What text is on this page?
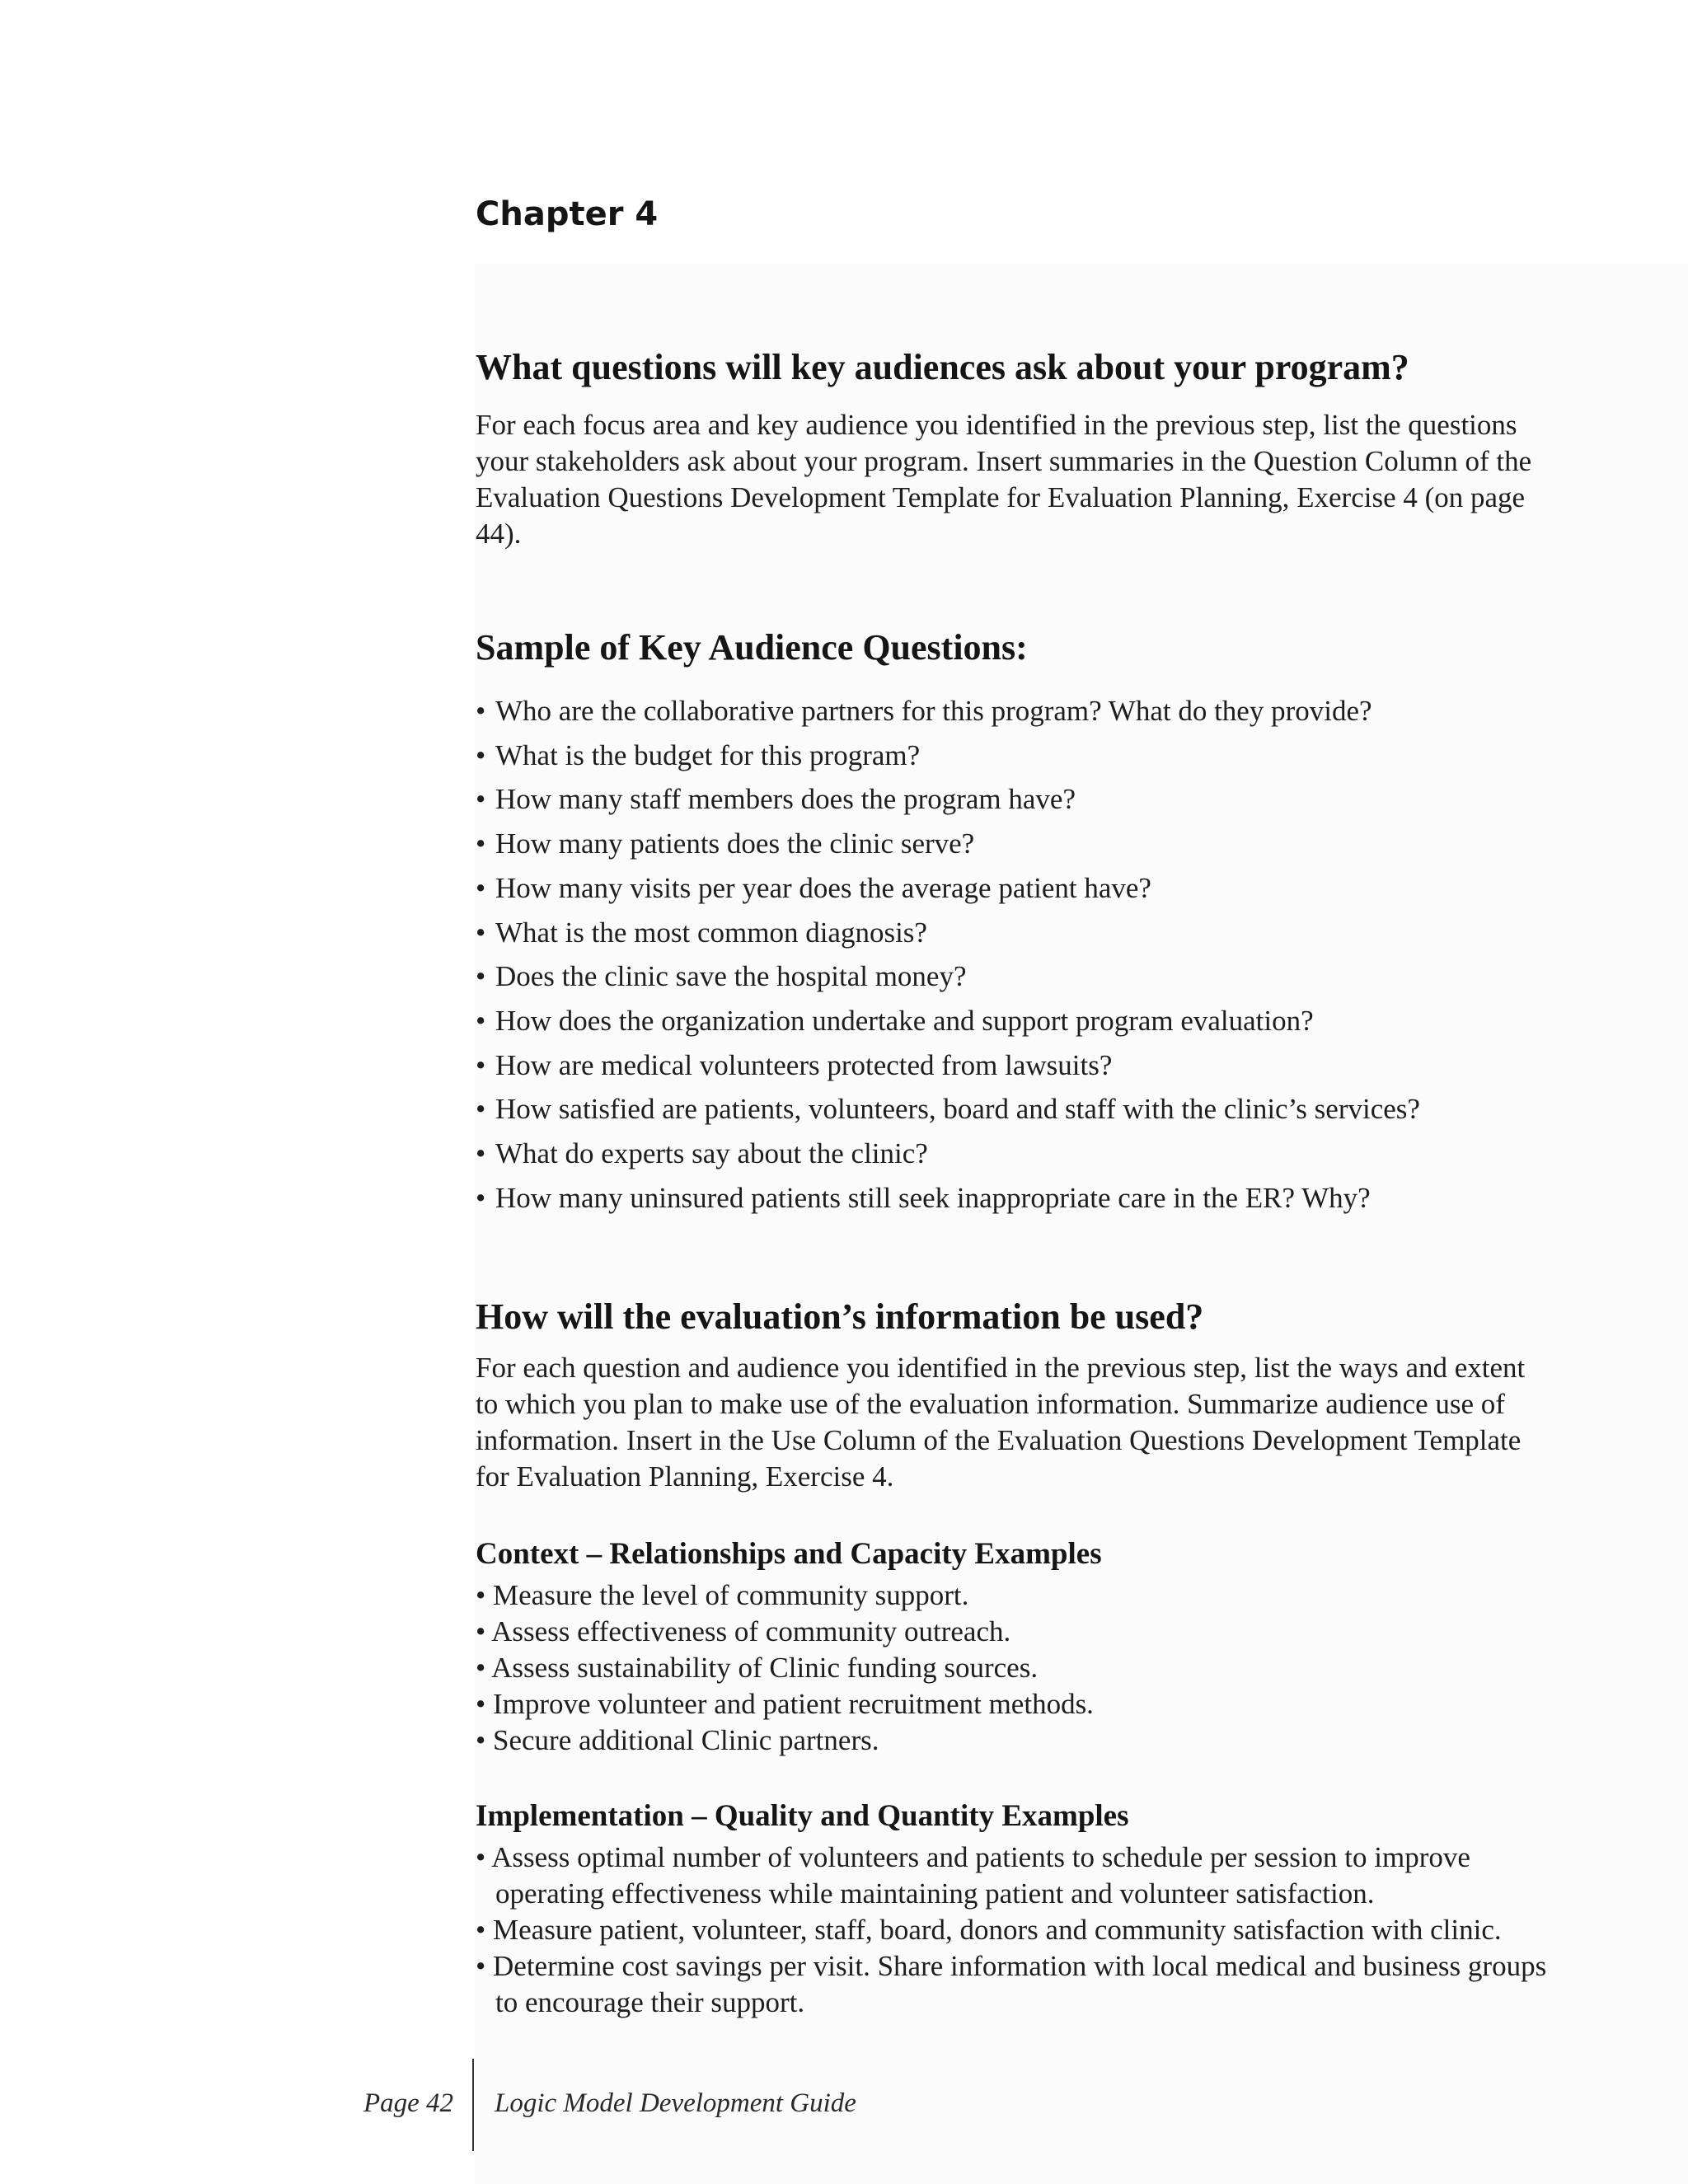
Chapter 4
What questions will key audiences ask about your program?

For each focus area and key audience you identified in the previous step, list the questions your stakeholders ask about your program. Insert summaries in the Question Column of the Evaluation Questions Development Template for Evaluation Planning, Exercise 4 (on page 44).

Sample of Key Audience Questions:
• Who are the collaborative partners for this program? What do they provide?
• What is the budget for this program?
• How many staff members does the program have?
• How many patients does the clinic serve?
• How many visits per year does the average patient have?
• What is the most common diagnosis?
• Does the clinic save the hospital money?
• How does the organization undertake and support program evaluation?
• How are medical volunteers protected from lawsuits?
• How satisfied are patients, volunteers, board and staff with the clinic’s services?
• What do experts say about the clinic?
• How many uninsured patients still seek inappropriate care in the ER? Why?
How will the evaluation’s information be used?

For each question and audience you identified in the previous step, list the ways and extent to which you plan to make use of the evaluation information. Summarize audience use of information. Insert in the Use Column of the Evaluation Questions Development Template for Evaluation Planning, Exercise 4.

Context – Relationships and Capacity Examples
• Measure the level of community support.
• Assess effectiveness of community outreach.
• Assess sustainability of Clinic funding sources.
• Improve volunteer and patient recruitment methods.
• Secure additional Clinic partners.
Implementation – Quality and Quantity Examples
• Assess optimal number of volunteers and patients to schedule per session to improve operating effectiveness while maintaining patient and volunteer satisfaction.
• Measure patient, volunteer, staff, board, donors and community satisfaction with clinic.
• Determine cost savings per visit. Share information with local medical and business groups to encourage their support.
Page 42 Logic Model Development Guide
